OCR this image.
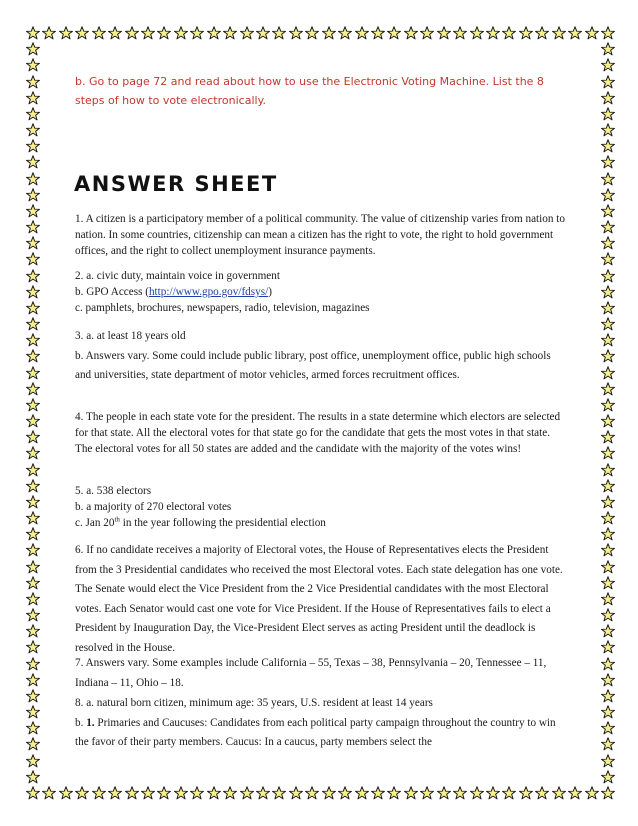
b. Go to page 72 and read about how to use the Electronic Voting Machine. List the 8 steps of how to vote electronically.
ANSWER SHEET

1. A citizen is a participatory member of a political community. The value of citizenship varies from nation to nation. In some countries, citizenship can mean a citizen has the right to vote, the right to hold government offices, and the right to collect unemployment insurance payments.

2. a. civic duty, maintain voice in government

b. GPO Access (http://www.gpo.gov/fdsys/)

c. pamphlets, brochures, newspapers, radio, television, magazines

3. a. at least 18 years old

b. Answers vary. Some could include public library, post office, unemployment office, public high schools and universities, state department of motor vehicles, armed forces recruitment offices.

4. The people in each state vote for the president. The results in a state determine which electors are selected for that state. All the electoral votes for that state go for the candidate that gets the most votes in that state. The electoral votes for all 50 states are added and the candidate with the majority of the votes wins!

5. a. 538 electors

b. a majority of 270 electoral votes

c. Jan 20th in the year following the presidential election

6. If no candidate receives a majority of Electoral votes, the House of Representatives elects the President from the 3 Presidential candidates who received the most Electoral votes. Each state delegation has one vote. The Senate would elect the Vice President from the 2 Vice Presidential candidates with the most Electoral votes. Each Senator would cast one vote for Vice President. If the House of Representatives fails to elect a President by Inauguration Day, the Vice-President Elect serves as acting President until the deadlock is resolved in the House.

7. Answers vary. Some examples include California – 55, Texas – 38, Pennsylvania – 20, Tennessee – 11, Indiana – 11, Ohio – 18.

8. a. natural born citizen, minimum age: 35 years, U.S. resident at least 14 years

b. 1. Primaries and Caucuses: Candidates from each political party campaign throughout the country to win the favor of their party members. Caucus: In a caucus, party members select the
